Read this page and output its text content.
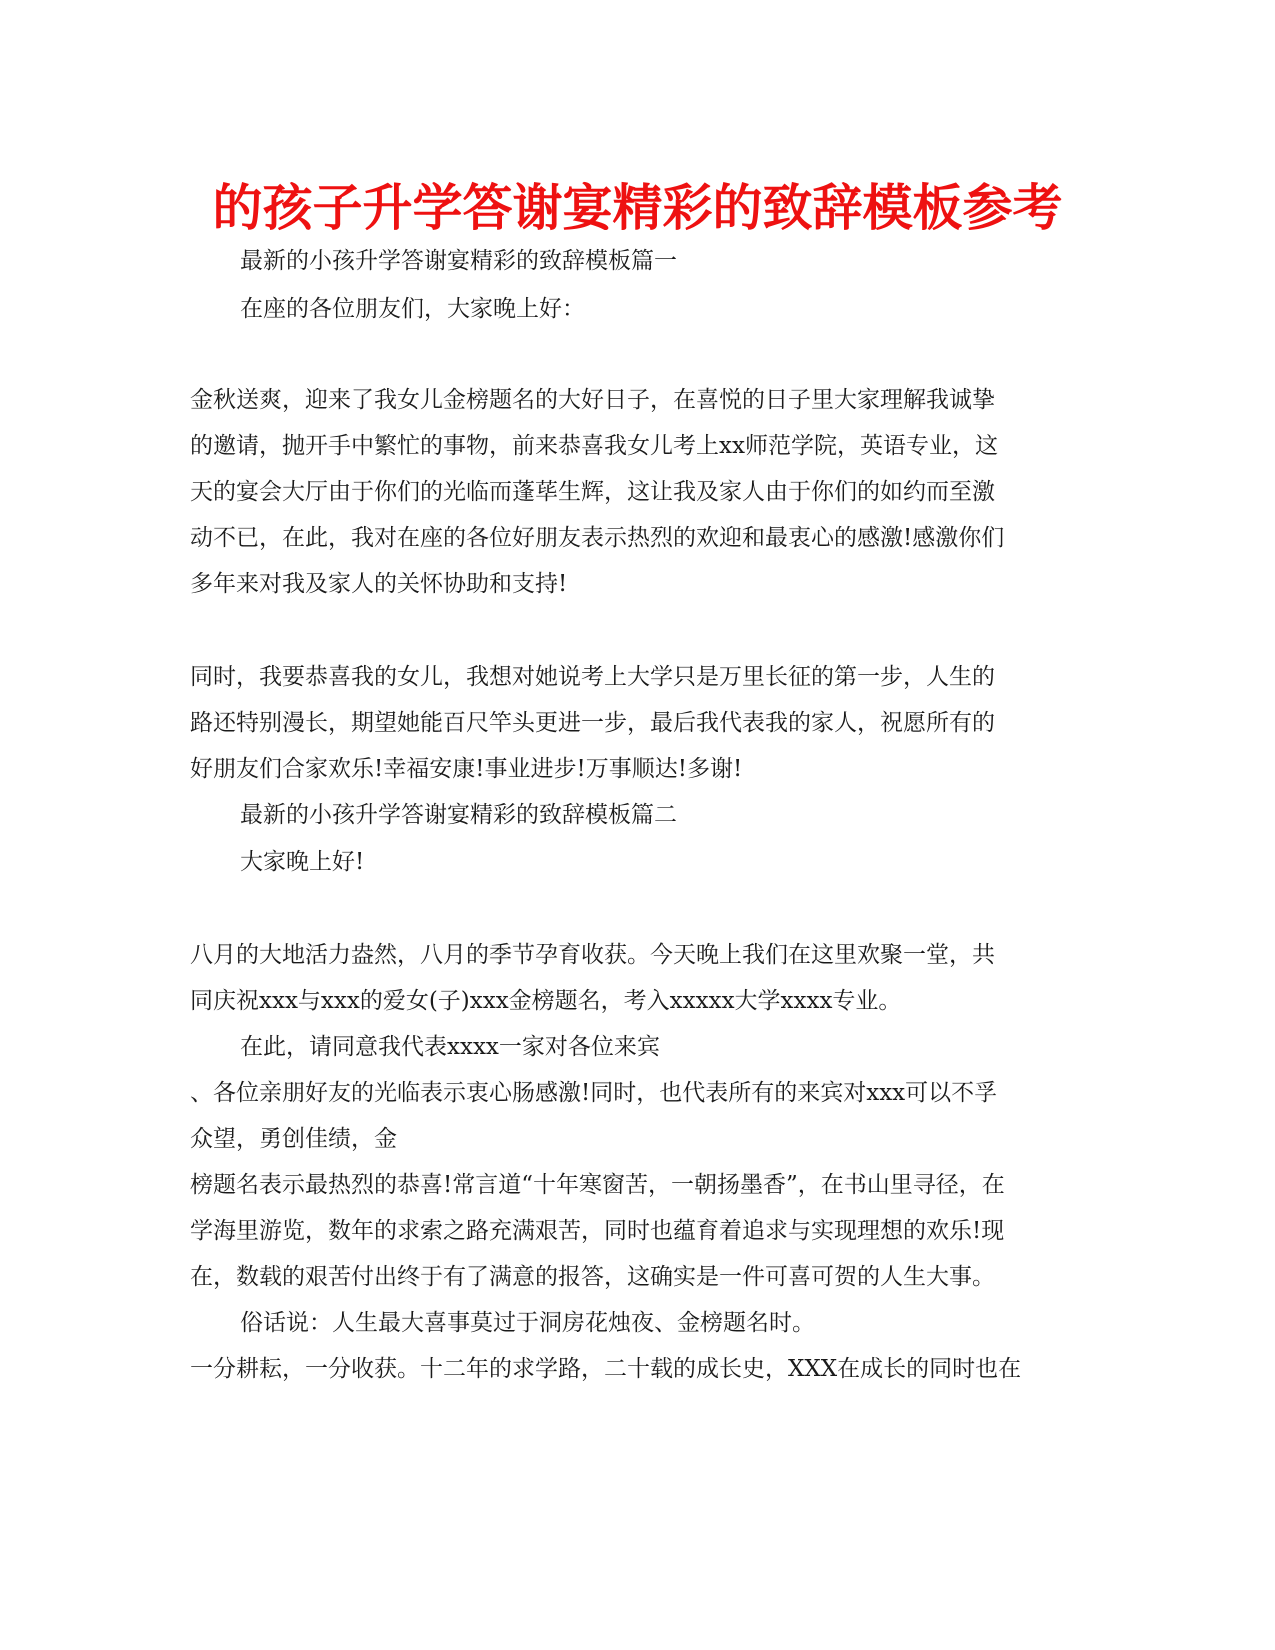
的孩子升学答谢宴精彩的致辞模板参考
最新的小孩升学答谢宴精彩的致辞模板篇一
在座的各位朋友们，大家晚上好：
金秋送爽，迎来了我女儿金榜题名的大好日子，在喜悦的日子里大家理解我诚挚
的邀请，抛开手中繁忙的事物，前来恭喜我女儿考上xx师范学院，英语专业，这
天的宴会大厅由于你们的光临而蓬荜生辉，这让我及家人由于你们的如约而至激
动不已，在此，我对在座的各位好朋友表示热烈的欢迎和最衷心的感激!感激你们
多年来对我及家人的关怀协助和支持!
同时，我要恭喜我的女儿，我想对她说考上大学只是万里长征的第一步，人生的
路还特别漫长，期望她能百尺竿头更进一步，最后我代表我的家人，祝愿所有的
好朋友们合家欢乐!幸福安康!事业进步!万事顺达!多谢!
最新的小孩升学答谢宴精彩的致辞模板篇二
大家晚上好!
八月的大地活力盎然，八月的季节孕育收获。今天晚上我们在这里欢聚一堂，共
同庆祝xxx与xxx的爱女(子)xxx金榜题名，考入xxxxx大学xxxx专业。
在此，请同意我代表xxxx一家对各位来宾
、各位亲朋好友的光临表示衷心肠感激!同时，也代表所有的来宾对xxx可以不孚
众望，勇创佳绩，金
榜题名表示最热烈的恭喜!常言道“十年寒窗苦，一朝扬墨香”，在书山里寻径，在
学海里游览，数年的求索之路充满艰苦，同时也蕴育着追求与实现理想的欢乐!现
在，数载的艰苦付出终于有了满意的报答，这确实是一件可喜可贺的人生大事。
俗话说：人生最大喜事莫过于洞房花烛夜、金榜题名时。
一分耕耘，一分收获。十二年的求学路，二十载的成长史，XXX在成长的同时也在
